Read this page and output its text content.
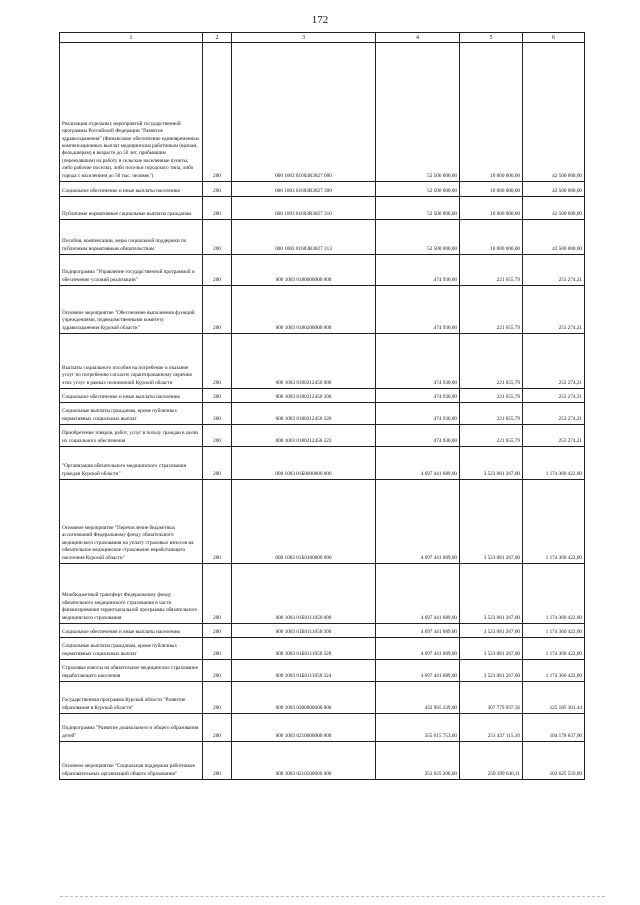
172
1	2	3	4	5	6
Реализация отдельных мероприятий государственной программы Российской Федерации "Развитие здравоохранения" (Финансовое обеспечение единовременных компенсационных выплат медицинским работникам (врачам, фельдшерам) в возрасте до 50 лет, прибывшим (переехавшим) на работу в сельские населенные пункты, либо рабочие поселки, либо поселки городского типа, либо города с населением до 50 тыс. человек")	200	000 1003 01603R3827 000	52 500 000,00	10 000 000,00	42 500 000,00
Социальное обеспечение и иные выплаты населению	200	000 1003 01603R3827 300	52 500 000,00	10 000 000,00	42 500 000,00
Публичные нормативные социальные выплаты гражданам	200	000 1003 01603R3827 310	52 500 000,00	10 000 000,00	42 500 000,00
Пособия, компенсации, меры социальной поддержки по публичным нормативным обязательствам	200	000 1003 01603R3827 313	52 500 000,00	10 000 000,00	42 500 000,00
Подпрограмма "Управление государственной программой и обеспечение условий реализации"	200	000 1003 0180000000 000	474 930,00	221 655,79	253 274,21
Основное мероприятие "Обеспечение выполнения функций учреждениями, подведомственными комитету здравоохранения Курской области"	200	000 1003 0180200000 000	474 930,00	221 655,79	253 274,21
Выплаты социального пособия на погребение и оказание услуг по погребению согласно гарантированному перечню этих услуг в рамках полномочий Курской области	200	000 1003 0180212450 000	474 930,00	221 655,79	253 274,21
Социальное обеспечение и иные выплаты населению	200	000 1003 0180212450 300	474 930,00	221 655,79	253 274,21
Социальные выплаты гражданам, кроме публичных нормативных социальных выплат	200	000 1003 0180212450 320	474 930,00	221 655,79	253 274,21
Приобретение товаров, работ, услуг в пользу граждан в целях их социального обеспечения	200	000 1003 0180212450 323	474 930,00	221 655,79	253 274,21
"Организация обязательного медицинского страхования граждан Курской области"	200	000 1003 01Б0000000 000	4 697 441 689,00	3 523 081 267,00	1 174 360 422,00
Основное мероприятие "Перечисление бюджетных ассигнований Федеральному фонду обязательного медицинского страхования на уплату страховых взносов на обязательное медицинское страхование неработающего населения Курской области"	200	000 1003 01Б0100000 000	4 697 441 689,00	3 523 081 267,00	1 174 360 422,00
Межбюджетный трансферт Федеральному фонду обязательного медицинского страхования в части финансирования территориальной программы обязательного медицинского страхования	200	000 1003 01Б0111050 000	4 697 441 689,00	3 523 081 267,00	1 174 360 422,00
Социальное обеспечение и иные выплаты населению	200	000 1003 01Б0111050 300	4 697 441 689,00	3 523 081 267,00	1 174 360 422,00
Социальные выплаты гражданам, кроме публичных нормативных социальных выплат	200	000 1003 01Б0111050 320	4 697 441 689,00	3 523 081 267,00	1 174 360 422,00
Страховые взносы на обязательное медицинское страхование неработающего населения	200	000 1003 01Б0111050 324	4 697 441 689,00	3 523 081 267,00	1 174 360 422,00
Государственная программа Курской области "Развитие образования в Курской области"	200	000 1003 0200000000 000	432 965 239,00	307 779 937,56	125 185 301,44
Подпрограмма "Развитие дошкольного и общего образования детей"	200	000 1003 0210000000 000	355 615 753,00	251 437 115,10	104 178 637,90
Основное мероприятие "Социальная поддержка работников образовательных организаций общего образования"	200	000 1003 0210500000 000	353 025 200,00	250 399 640,11	102 625 559,89
